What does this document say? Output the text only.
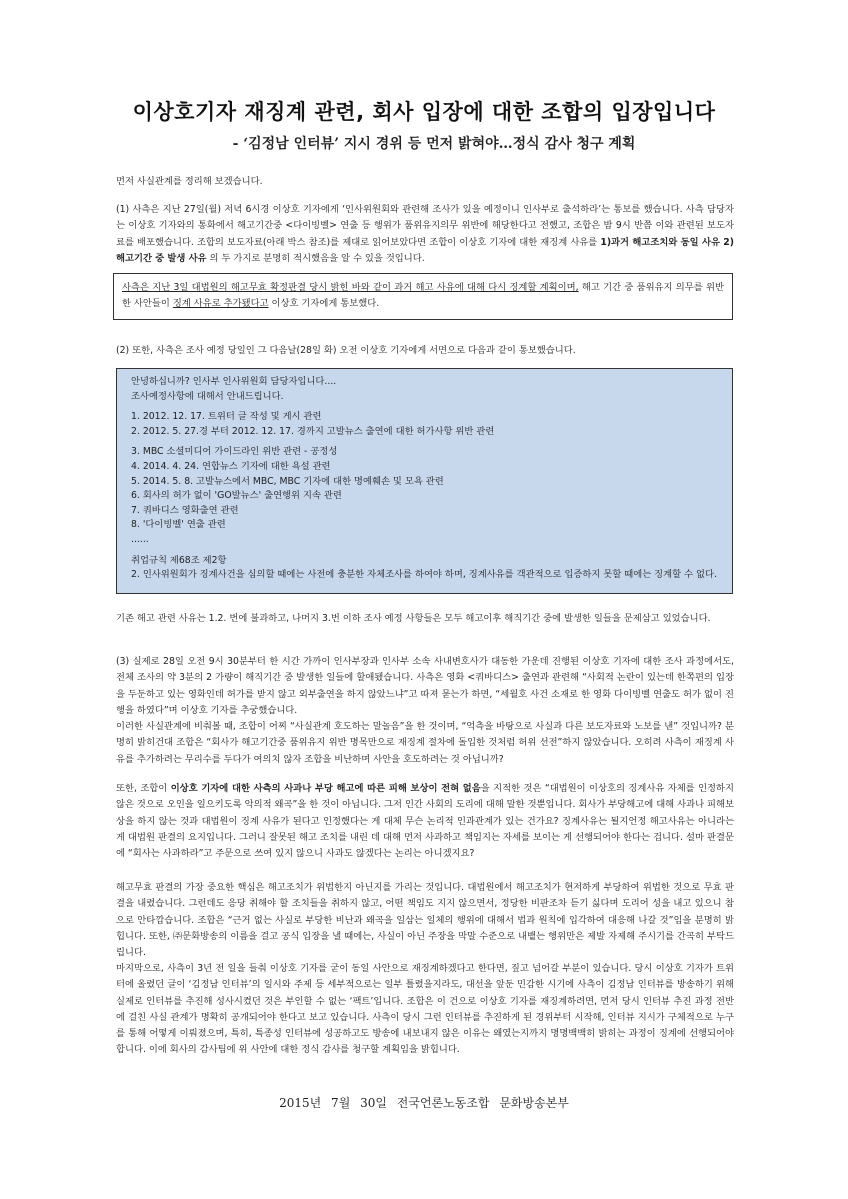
이상호기자 재징계 관련, 회사 입장에 대한 조합의 입장입니다
- ‘김정남 인터뷰’ 지시 경위 등 먼저 밝혀야…정식 감사 청구 계획

먼저 사실관계를 정리해 보겠습니다.

(1) 사측은 지난 27일(월) 저녁 6시경 이상호 기자에게 ‘인사위원회와 관련해 조사가 있을 예정이니 인사부로 출석하라’는 통보를 했습니다. 사측 담당자는 이상호 기자와의 통화에서 해고기간중 <다이빙벨> 연출 등 행위가 품위유지의무 위반에 해당한다고 전했고, 조합은 밤 9시 반쯤 이와 관련된 보도자료를 배포했습니다. 조합의 보도자료(아래 박스 참조)를 제대로 읽어보았다면 조합이 이상호 기자에 대한 재징계 사유를 1)과거 해고조치와 동일 사유 2)해고기간 중 발생 사유 의 두 가지로 분명히 적시했음을 알 수 있을 것입니다.

사측은 지난 3일 대법원의 해고무효 확정판결 당시 밝힌 바와 같이 과거 해고 사유에 대해 다시 징계할 계획이며, 해고 기간 중 품위유지 의무를 위반한 사안들이 징계 사유로 추가됐다고 이상호 기자에게 통보했다.

(2) 또한, 사측은 조사 예정 당일인 그 다음날(28일 화) 오전 이상호 기자에게 서면으로 다음과 같이 통보했습니다.

안녕하십니까? 인사부 인사위원회 담당자입니다....
조사예정사항에 대해서 안내드립니다.
1. 2012. 12. 17. 트위터 글 작성 및 게시 관련
2. 2012. 5. 27.경 부터 2012. 12. 17. 경까지 고발뉴스 출연에 대한 허가사항 위반 관련
3. MBC 소셜미디어 가이드라인 위반 관련 - 공정성
4. 2014. 4. 24. 연합뉴스 기자에 대한 욕설 관련
5. 2014. 5. 8. 고발뉴스에서 MBC, MBC 기자에 대한 명예훼손 및 모욕 관련
6. 회사의 허가 없이 'GO발뉴스' 출연행위 지속 관련
7. 쿼바디스 영화출연 관련
8. '다이빙벨' 연출 관련
......
취업규칙 제68조 제2항
2. 인사위원회가 징계사건을 심의할 때에는 사전에 충분한 자체조사를 하여야 하며, 징계사유를 객관적으로 입증하지 못할 때에는 징계할 수 없다.

기존 해고 관련 사유는 1.2. 번에 불과하고, 나머지 3.번 이하 조사 예정 사항들은 모두 해고이후 해직기간 중에 발생한 일들을 문제삼고 있었습니다.

(3) 실제로 28일 오전 9시 30분부터 한 시간 가까이 인사부장과 인사부 소속 사내변호사가 대동한 가운데 진행된 이상호 기자에 대한 조사 과정에서도, 전체 조사의 약 3분의 2 가량이 해직기간 중 발생한 일들에 할애됐습니다. 사측은 영화 <쿼바디스> 출연과 관련해 “사회적 논란이 있는데 한쪽편의 입장을 두둔하고 있는 영화인데 허가를 받지 않고 외부출연을 하지 않았느냐”고 따져 묻는가 하면, “세월호 사건 소재로 한 영화 다이빙벨 연출도 허가 없이 진행을 하였다”며 이상호 기자를 추궁했습니다.

이러한 사실관계에 비춰볼 때, 조합이 어찌 “사실관계 호도하는 말놀음”을 한 것이며, “억측을 바탕으로 사실과 다른 보도자료와 노보를 낸” 것입니까? 분명히 밝히건대 조합은 “회사가 해고기간중 품위유지 위반 명목만으로 재징계 절차에 돌입한 것처럼 허위 선전”하지 않았습니다. 오히려 사측이 재징계 사유를 추가하려는 무리수를 두다가 여의치 않자 조합을 비난하며 사안을 호도하려는 것 아닙니까?

또한, 조합이 이상호 기자에 대한 사측의 사과나 부당 해고에 따른 피해 보상이 전혀 없음을 지적한 것은 “대법원이 이상호의 징계사유 자체를 인정하지 않은 것으로 오인을 일으키도록 악의적 왜곡”을 한 것이 아닙니다. 그저 인간 사회의 도리에 대해 말한 것뿐입니다. 회사가 부당해고에 대해 사과나 피해보상을 하지 않는 것과 대법원이 징계 사유가 된다고 인정했다는 게 대체 무슨 논리적 인과관계가 있는 건가요? 징계사유는 될지언정 해고사유는 아니라는 게 대법원 판결의 요지입니다. 그러니 잘못된 해고 조치를 내린 데 대해 먼저 사과하고 책임지는 자세를 보이는 게 선행되어야 한다는 겁니다. 설마 판결문에 “회사는 사과하라”고 주문으로 쓰여 있지 않으니 사과도 않겠다는 논리는 아니겠지요?

해고무효 판결의 가장 중요한 핵심은 해고조치가 위법한지 아닌지를 가리는 것입니다. 대법원에서 해고조치가 현저하게 부당하여 위법한 것으로 무효 판결을 내렸습니다. 그런데도 응당 취해야 할 조치들을 취하지 않고, 어떤 책임도 지지 않으면서, 정당한 비판조차 듣기 싫다며 도리어 성을 내고 있으니 참으로 안타깝습니다. 조합은 “근거 없는 사실로 부당한 비난과 왜곡을 일삼는 일체의 행위에 대해서 법과 원칙에 입각하여 대응해 나갈 것”임을 분명히 밝힙니다. 또한, ㈜문화방송의 이름을 걸고 공식 입장을 낼 때에는, 사실이 아닌 주장을 막말 수준으로 내뱉는 행위만은 제발 자제해 주시기를 간곡히 부탁드립니다.

마지막으로, 사측이 3년 전 일을 들춰 이상호 기자를 굳이 동일 사안으로 재징계하겠다고 한다면, 짚고 넘어갈 부분이 있습니다. 당시 이상호 기자가 트위터에 올렸던 글이 ‘김정남 인터뷰’의 일시와 주제 등 세부적으로는 일부 틀렸을지라도, 대선을 앞둔 민감한 시기에 사측이 김정남 인터뷰를 방송하기 위해 실제로 인터뷰를 추진해 성사시켰던 것은 부인할 수 없는 ‘팩트’입니다. 조합은 이 건으로 이상호 기자를 재징계하려면, 먼저 당시 인터뷰 추진 과정 전반에 걸친 사실 관계가 명확히 공개되어야 한다고 보고 있습니다. 사측이 당시 그런 인터뷰를 추진하게 된 경위부터 시작해, 인터뷰 지시가 구체적으로 누구를 통해 어떻게 이뤄졌으며, 특히, 특종성 인터뷰에 성공하고도 방송에 내보내지 않은 이유는 왜였는지까지 명명백백히 밝히는 과정이 징계에 선행되어야 합니다. 이에 회사의 감사팀에 위 사안에 대한 정식 감사를 청구할 계획임을 밝힙니다.

2015년 7월 30일 전국언론노동조합 문화방송본부
